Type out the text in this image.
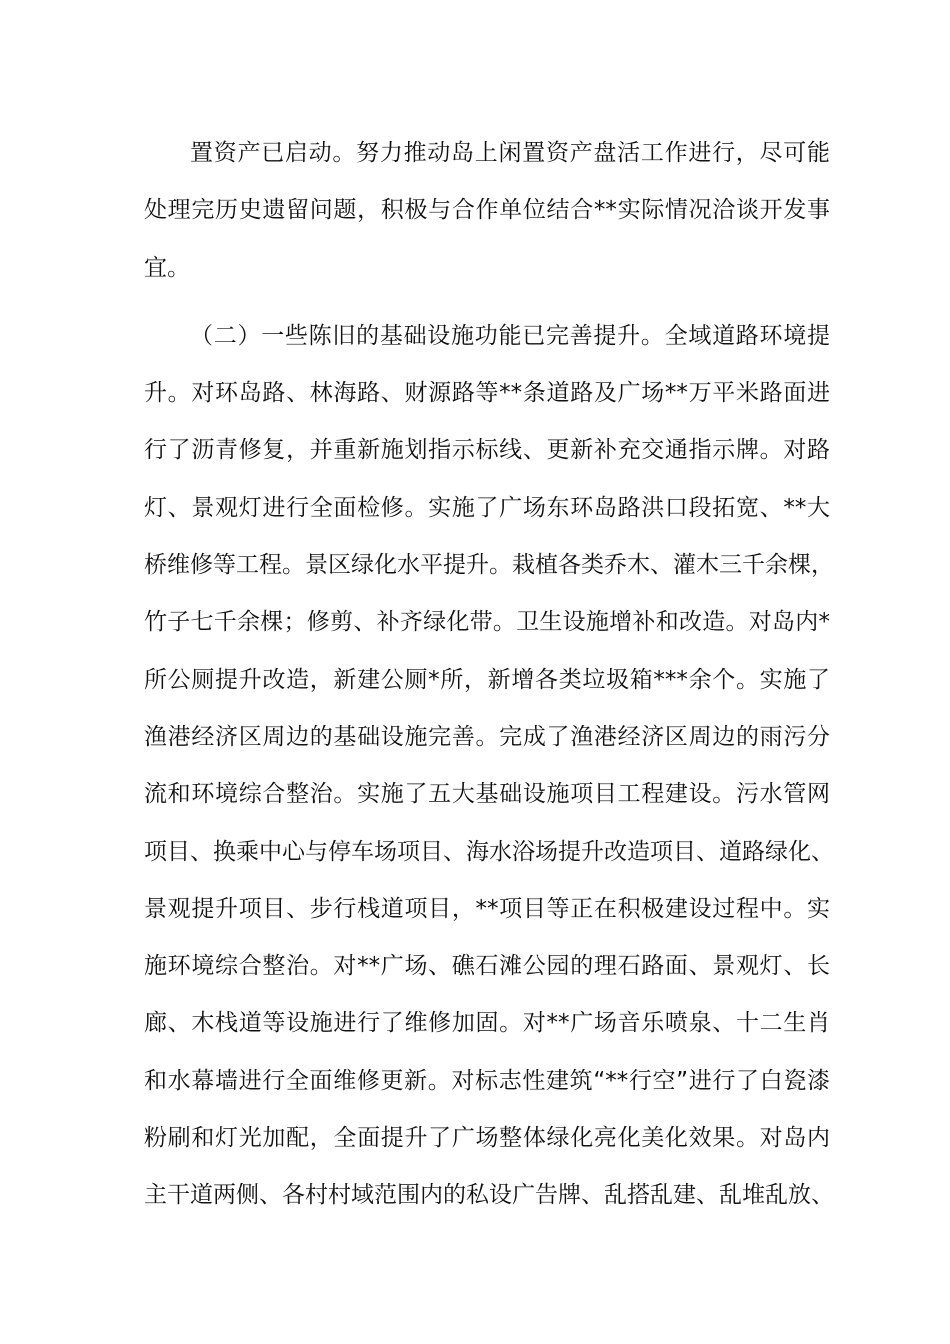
置资产已启动。努力推动岛上闲置资产盘活工作进行，尽可能
处理完历史遗留问题，积极与合作单位结合**实际情况洽谈开发事
宜。
（二）一些陈旧的基础设施功能已完善提升。全域道路环境提
升。对环岛路、林海路、财源路等**条道路及广场**万平米路面进
行了沥青修复，并重新施划指示标线、更新补充交通指示牌。对路
灯、景观灯进行全面检修。实施了广场东环岛路洪口段拓宽、**大
桥维修等工程。景区绿化水平提升。栽植各类乔木、灌木三千余棵，
竹子七千余棵；修剪、补齐绿化带。卫生设施增补和改造。对岛内*
所公厕提升改造，新建公厕*所，新增各类垃圾箱***余个。实施了
渔港经济区周边的基础设施完善。完成了渔港经济区周边的雨污分
流和环境综合整治。实施了五大基础设施项目工程建设。污水管网
项目、换乘中心与停车场项目、海水浴场提升改造项目、道路绿化、
景观提升项目、步行栈道项目，**项目等正在积极建设过程中。实
施环境综合整治。对**广场、礁石滩公园的理石路面、景观灯、长
廊、木栈道等设施进行了维修加固。对**广场音乐喷泉、十二生肖
和水幕墙进行全面维修更新。对标志性建筑“**行空”进行了白瓷漆
粉刷和灯光加配，全面提升了广场整体绿化亮化美化效果。对岛内
主干道两侧、各村村域范围内的私设广告牌、乱搭乱建、乱堆乱放、
